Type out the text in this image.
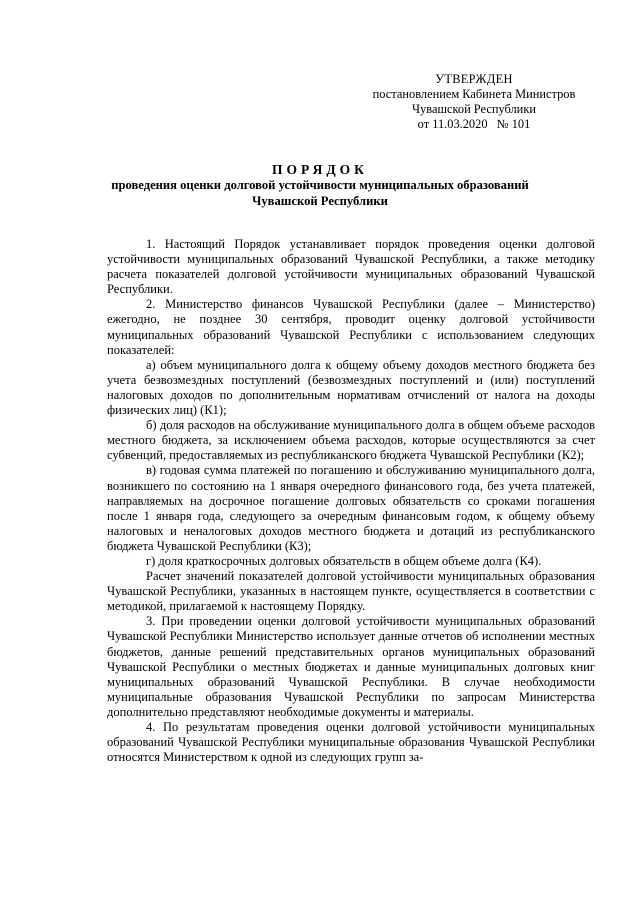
УТВЕРЖДЕН
постановлением Кабинета Министров
Чувашской Республики
от 11.03.2020   № 101
ПОРЯДОК
проведения оценки долговой устойчивости муниципальных образований
Чувашской Республики

1. Настоящий Порядок устанавливает порядок проведения оценки долговой устойчивости муниципальных образований Чувашской Республики, а также методику расчета показателей долговой устойчивости муниципальных образований Чувашской Республики.

2. Министерство финансов Чувашской Республики (далее – Министерство) ежегодно, не позднее 30 сентября, проводит оценку долговой устойчивости муниципальных образований Чувашской Республики с использованием следующих показателей:

а) объем муниципального долга к общему объему доходов местного бюджета без учета безвозмездных поступлений (безвозмездных поступлений и (или) поступлений налоговых доходов по дополнительным нормативам отчислений от налога на доходы физических лиц) (К1);

б) доля расходов на обслуживание муниципального долга в общем объеме расходов местного бюджета, за исключением объема расходов, которые осуществляются за счет субвенций, предоставляемых из республиканского бюджета Чувашской Республики (К2);

в) годовая сумма платежей по погашению и обслуживанию муниципального долга, возникшего по состоянию на 1 января очередного финансового года, без учета платежей, направляемых на досрочное погашение долговых обязательств со сроками погашения после 1 января года, следующего за очередным финансовым годом, к общему объему налоговых и неналоговых доходов местного бюджета и дотаций из республиканского бюджета Чувашской Республики (К3);

г) доля краткосрочных долговых обязательств в общем объеме долга (К4).

Расчет значений показателей долговой устойчивости муниципальных образования Чувашской Республики, указанных в настоящем пункте, осуществляется в соответствии с методикой, прилагаемой к настоящему Порядку.

3. При проведении оценки долговой устойчивости муниципальных образований Чувашской Республики Министерство использует данные отчетов об исполнении местных бюджетов, данные решений представительных органов муниципальных образований Чувашской Республики о местных бюджетах и данные муниципальных долговых книг муниципальных образований Чувашской Республики. В случае необходимости муниципальные образования Чувашской Республики по запросам Министерства дополнительно представляют необходимые документы и материалы.

4. По результатам проведения оценки долговой устойчивости муниципальных образований Чувашской Республики муниципальные образования Чувашской Республики относятся Министерством к одной из следующих групп за-
